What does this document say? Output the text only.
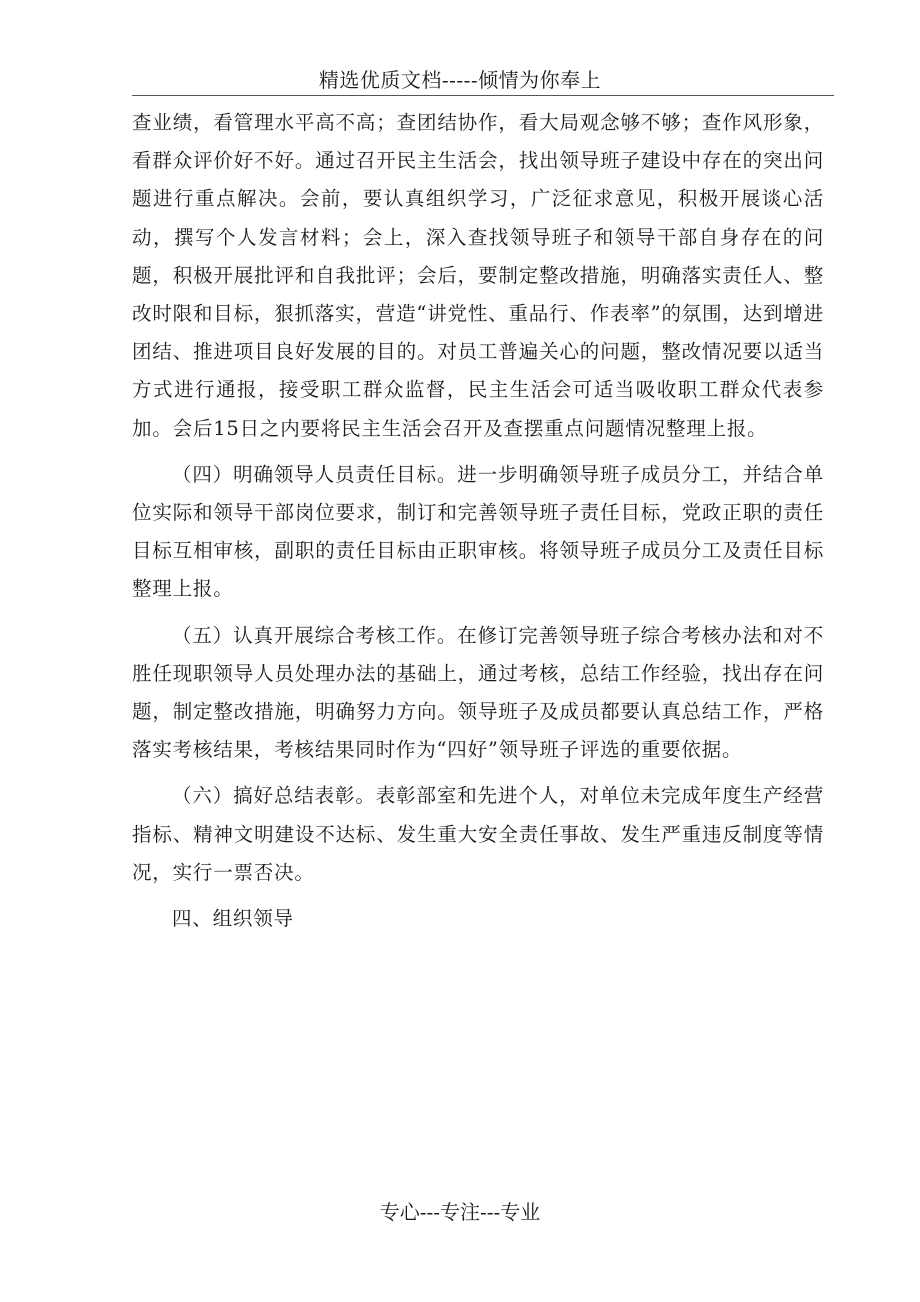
精选优质文档-----倾情为你奉上

查业绩，看管理水平高不高；查团结协作，看大局观念够不够；查作风形象，看群众评价好不好。通过召开民主生活会，找出领导班子建设中存在的突出问题进行重点解决。会前，要认真组织学习，广泛征求意见，积极开展谈心活动，撰写个人发言材料；会上，深入查找领导班子和领导干部自身存在的问题，积极开展批评和自我批评；会后，要制定整改措施，明确落实责任人、整改时限和目标，狠抓落实，营造“讲党性、重品行、作表率”的氛围，达到增进团结、推进项目良好发展的目的。对员工普遍关心的问题，整改情况要以适当方式进行通报，接受职工群众监督，民主生活会可适当吸收职工群众代表参加。会后15日之内要将民主生活会召开及查摆重点问题情况整理上报。

（四）明确领导人员责任目标。进一步明确领导班子成员分工，并结合单位实际和领导干部岗位要求，制订和完善领导班子责任目标，党政正职的责任目标互相审核，副职的责任目标由正职审核。将领导班子成员分工及责任目标整理上报。

（五）认真开展综合考核工作。在修订完善领导班子综合考核办法和对不胜任现职领导人员处理办法的基础上，通过考核，总结工作经验，找出存在问题，制定整改措施，明确努力方向。领导班子及成员都要认真总结工作，严格落实考核结果，考核结果同时作为“四好”领导班子评选的重要依据。

（六）搞好总结表彰。表彰部室和先进个人，对单位未完成年度生产经营指标、精神文明建设不达标、发生重大安全责任事故、发生严重违反制度等情况，实行一票否决。

四、组织领导

专心---专注---专业
